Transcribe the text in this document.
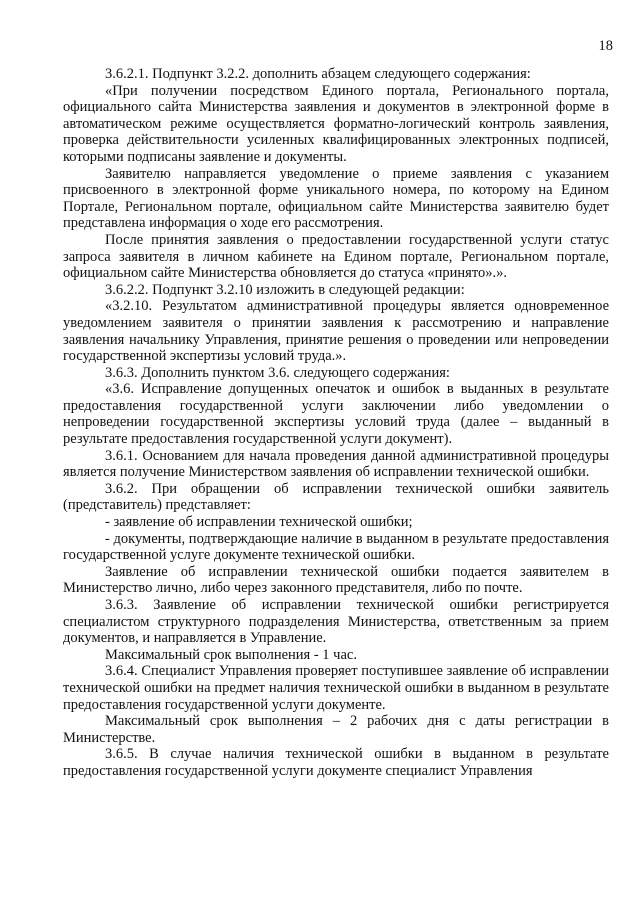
18

3.6.2.1. Подпункт 3.2.2. дополнить абзацем следующего содержания:

«При получении посредством Единого портала, Регионального портала, официального сайта Министерства заявления и документов в электронной форме в автоматическом режиме осуществляется форматно-логический контроль заявления, проверка действительности усиленных квалифицированных электронных подписей, которыми подписаны заявление и документы.

Заявителю направляется уведомление о приеме заявления с указанием присвоенного в электронной форме уникального номера, по которому на Едином Портале, Региональном портале, официальном сайте Министерства заявителю будет представлена информация о ходе его рассмотрения.

После принятия заявления о предоставлении государственной услуги статус запроса заявителя в личном кабинете на Едином портале, Региональном портале, официальном сайте Министерства обновляется до статуса «принято».».

3.6.2.2. Подпункт 3.2.10 изложить в следующей редакции:

«3.2.10. Результатом административной процедуры является одновременное уведомлением заявителя о принятии заявления к рассмотрению и направление заявления начальнику Управления, принятие решения о проведении или непроведении государственной экспертизы условий труда.».

3.6.3. Дополнить пунктом 3.6. следующего содержания:

«3.6. Исправление допущенных опечаток и ошибок в выданных в результате предоставления государственной услуги заключении либо уведомлении о непроведении государственной экспертизы условий труда (далее – выданный в результате предоставления государственной услуги документ).

3.6.1. Основанием для начала проведения данной административной процедуры является получение Министерством заявления об исправлении технической ошибки.

3.6.2. При обращении об исправлении технической ошибки заявитель (представитель) представляет:

- заявление об исправлении технической ошибки;

- документы, подтверждающие наличие в выданном в результате предоставления государственной услуге документе технической ошибки.

Заявление об исправлении технической ошибки подается заявителем в Министерство лично, либо через законного представителя, либо по почте.

3.6.3. Заявление об исправлении технической ошибки регистрируется специалистом структурного подразделения Министерства, ответственным за прием документов, и направляется в Управление.

Максимальный срок выполнения - 1 час.

3.6.4. Специалист Управления проверяет поступившее заявление об исправлении технической ошибки на предмет наличия технической ошибки в выданном в результате предоставления государственной услуги документе.

Максимальный срок выполнения – 2 рабочих дня с даты регистрации в Министерстве.

3.6.5. В случае наличия технической ошибки в выданном в результате предоставления государственной услуги документе специалист Управления
